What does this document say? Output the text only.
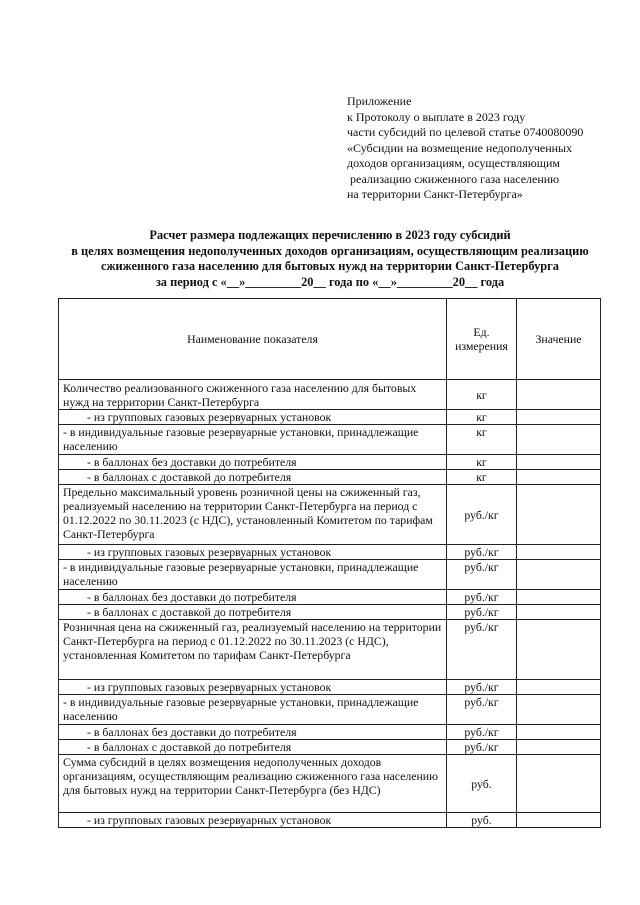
Приложение
к Протоколу о выплате в 2023 году
части субсидий по целевой статье 0740080090
«Субсидии на возмещение недополученных
доходов организациям, осуществляющим
реализацию сжиженного газа населению
на территории Санкт-Петербурга»
Расчет размера подлежащих перечислению в 2023 году субсидий
в целях возмещения недополученных доходов организациям, осуществляющим реализацию
сжиженного газа населению для бытовых нужд на территории Санкт-Петербурга
за период с «__»_________20__ года по «__»_________20__ года
Наименование показателя	Ед. измерения	Значение
Количество реализованного сжиженного газа населению для бытовых нужд на территории Санкт-Петербурга	кг	
- из групповых газовых резервуарных установок	кг	
- в индивидуальные газовые резервуарные установки, принадлежащие населению	кг	
- в баллонах без доставки до потребителя	кг	
- в баллонах с доставкой до потребителя	кг	
Предельно максимальный уровень розничной цены на сжиженный газ, реализуемый населению на территории Санкт-Петербурга на период с 01.12.2022 по 30.11.2023 (с НДС), установленный Комитетом по тарифам Санкт-Петербурга	руб./кг	
- из групповых газовых резервуарных установок	руб./кг	
- в индивидуальные газовые резервуарные установки, принадлежащие населению	руб./кг	
- в баллонах без доставки до потребителя	руб./кг	
- в баллонах с доставкой до потребителя	руб./кг	
Розничная цена на сжиженный газ, реализуемый населению на территории Санкт-Петербурга на период с 01.12.2022 по 30.11.2023 (с НДС), установленная Комитетом по тарифам Санкт-Петербурга	руб./кг	
- из групповых газовых резервуарных установок	руб./кг	
- в индивидуальные газовые резервуарные установки, принадлежащие населению	руб./кг	
- в баллонах без доставки до потребителя	руб./кг	
- в баллонах с доставкой до потребителя	руб./кг	
Сумма субсидий в целях возмещения недополученных доходов организациям, осуществляющим реализацию сжиженного газа населению для бытовых нужд на территории Санкт-Петербурга (без НДС)	руб.	
- из групповых газовых резервуарных установок	руб.	
